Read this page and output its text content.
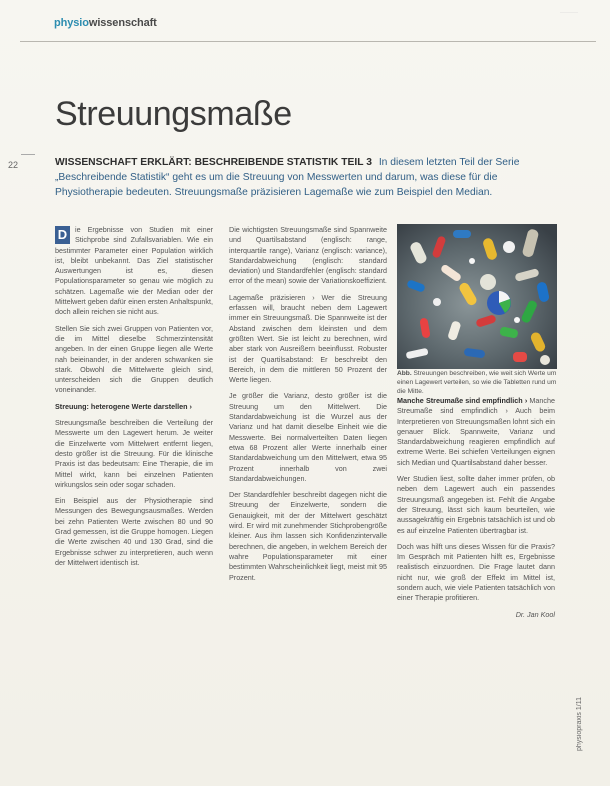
physiowissenschaft
22
Streuungsmaße
WISSENSCHAFT ERKLÄRT: BESCHREIBENDE STATISTIK TEIL 3 In diesem letzten Teil der Serie „Beschreibende Statistik“ geht es um die Streuung von Messwerten und darum, was diese für die Physiotherapie bedeuten. Streuungsmaße präzisieren Lagemaße wie zum Beispiel den Median.

D	ie Ergebnisse von Studien mit einer Stichprobe sind Zufallsvariablen. Wie ein bestimmter Parameter einer Population wirklich ist, bleibt unbekannt. Das Ziel statistischer Auswertungen ist es, diesen Populationsparameter so genau wie möglich zu schätzen. Lagemaße wie der Median oder der Mittelwert geben dafür einen ersten Anhaltspunkt, doch allein reichen sie nicht aus.

Stellen Sie sich zwei Gruppen von Patienten vor, die im Mittel dieselbe Schmerzintensität angeben. In der einen Gruppe liegen alle Werte nah beieinander, in der anderen schwanken sie stark. Obwohl die Mittelwerte gleich sind, unterscheiden sich die Gruppen deutlich voneinander.

Streuung: heterogene Werte darstellen ›

Streuungsmaße beschreiben die Verteilung der Messwerte um den Lagewert herum. Je weiter die Einzelwerte vom Mittelwert entfernt liegen, desto größer ist die Streuung. Für die klinische Praxis ist das bedeutsam: Eine Therapie, die im Mittel wirkt, kann bei einzelnen Patienten wirkungslos sein oder sogar schaden.

Ein Beispiel aus der Physiotherapie sind Messungen des Bewegungsausmaßes. Werden bei zehn Patienten Werte zwischen 80 und 90 Grad gemessen, ist die Gruppe homogen. Liegen die Werte zwischen 40 und 130 Grad, sind die Ergebnisse schwer zu interpretieren, auch wenn der Mittelwert identisch ist.

Die wichtigsten Streuungsmaße sind Spannweite und Quartilsabstand (englisch: range, interquartile range), Varianz (englisch: variance), Standardabweichung (englisch: standard deviation) und Standardfehler (englisch: standard error of the mean) sowie der Variationskoeffizient.

Lagemaße präzisieren › Wer die Streuung erfassen will, braucht neben dem Lagewert immer ein Streuungsmaß. Die Spannweite ist der Abstand zwischen dem kleinsten und dem größten Wert. Sie ist leicht zu berechnen, wird aber stark von Ausreißern beeinflusst. Robuster ist der Quartilsabstand: Er beschreibt den Bereich, in dem die mittleren 50 Prozent der Werte liegen.

Je größer die Varianz, desto größer ist die Streuung um den Mittelwert. Die Standardabweichung ist die Wurzel aus der Varianz und hat damit dieselbe Einheit wie die Messwerte. Bei normalverteilten Daten liegen etwa 68 Prozent aller Werte innerhalb einer Standardabweichung um den Mittelwert, etwa 95 Prozent innerhalb von zwei Standardabweichungen.

Der Standardfehler beschreibt dagegen nicht die Streuung der Einzelwerte, sondern die Genauigkeit, mit der der Mittelwert geschätzt wird. Er wird mit zunehmender Stichprobengröße kleiner. Aus ihm lassen sich Konfidenzintervalle berechnen, die angeben, in welchem Bereich der wahre Populationsparameter mit einer bestimmten Wahrscheinlichkeit liegt, meist mit 95 Prozent.

Abb. Streuungen beschreiben, wie weit sich Werte um einen Lagewert verteilen, so wie die Tabletten rund um die Mitte.

Manche Streumaße sind empfindlich › Manche Streumaße sind empfindlich › Auch beim Interpretieren von Streuungsmaßen lohnt sich ein genauer Blick. Spannweite, Varianz und Standardabweichung reagieren empfindlich auf extreme Werte. Bei schiefen Verteilungen eignen sich Median und Quartilsabstand daher besser.

Wer Studien liest, sollte daher immer prüfen, ob neben dem Lagewert auch ein passendes Streuungsmaß angegeben ist. Fehlt die Angabe der Streuung, lässt sich kaum beurteilen, wie aussagekräftig ein Ergebnis tatsächlich ist und ob es auf einzelne Patienten übertragbar ist.

Doch was hilft uns dieses Wissen für die Praxis? Im Gespräch mit Patienten hilft es, Ergebnisse realistisch einzuordnen. Die Frage lautet dann nicht nur, wie groß der Effekt im Mittel ist, sondern auch, wie viele Patienten tatsächlich von einer Therapie profitieren.

Dr. Jan Kool
physiopraxis 1/11
